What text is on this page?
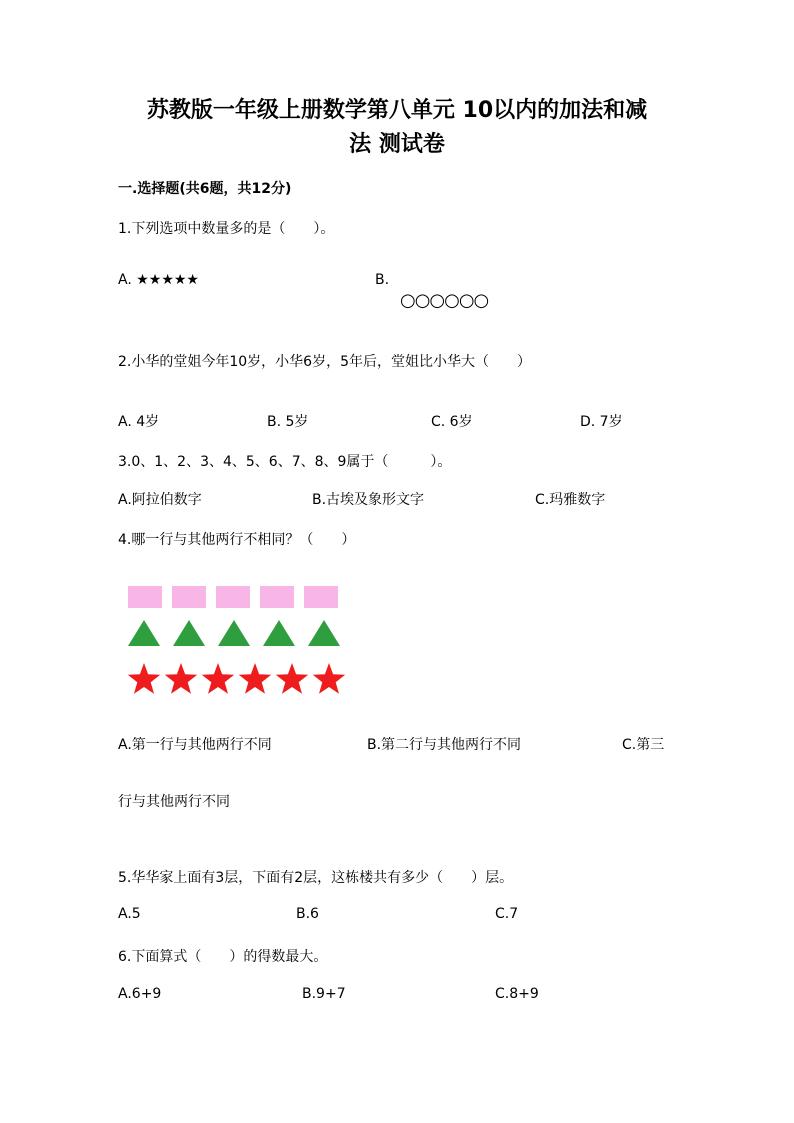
苏教版一年级上册数学第八单元 10以内的加法和减
法 测试卷
一.选择题(共6题，共12分)
1.下列选项中数量多的是（　　）。
A. ★★★★★	B.
○○○○○○
2.小华的堂姐今年10岁，小华6岁，5年后，堂姐比小华大（　　）
A. 4岁	B. 5岁	C. 6岁	D. 7岁
3.0、1、2、3、4、5、6、7、8、9属于（　　　）。
A.阿拉伯数字	B.古埃及象形文字	C.玛雅数字
4.哪一行与其他两行不相同？（　　）
A.第一行与其他两行不同	B.第二行与其他两行不同	C.第三
行与其他两行不同
5.华华家上面有3层，下面有2层，这栋楼共有多少（　　）层。
A.5	B.6	C.7
6.下面算式（　　）的得数最大。
A.6+9	B.9+7	C.8+9
